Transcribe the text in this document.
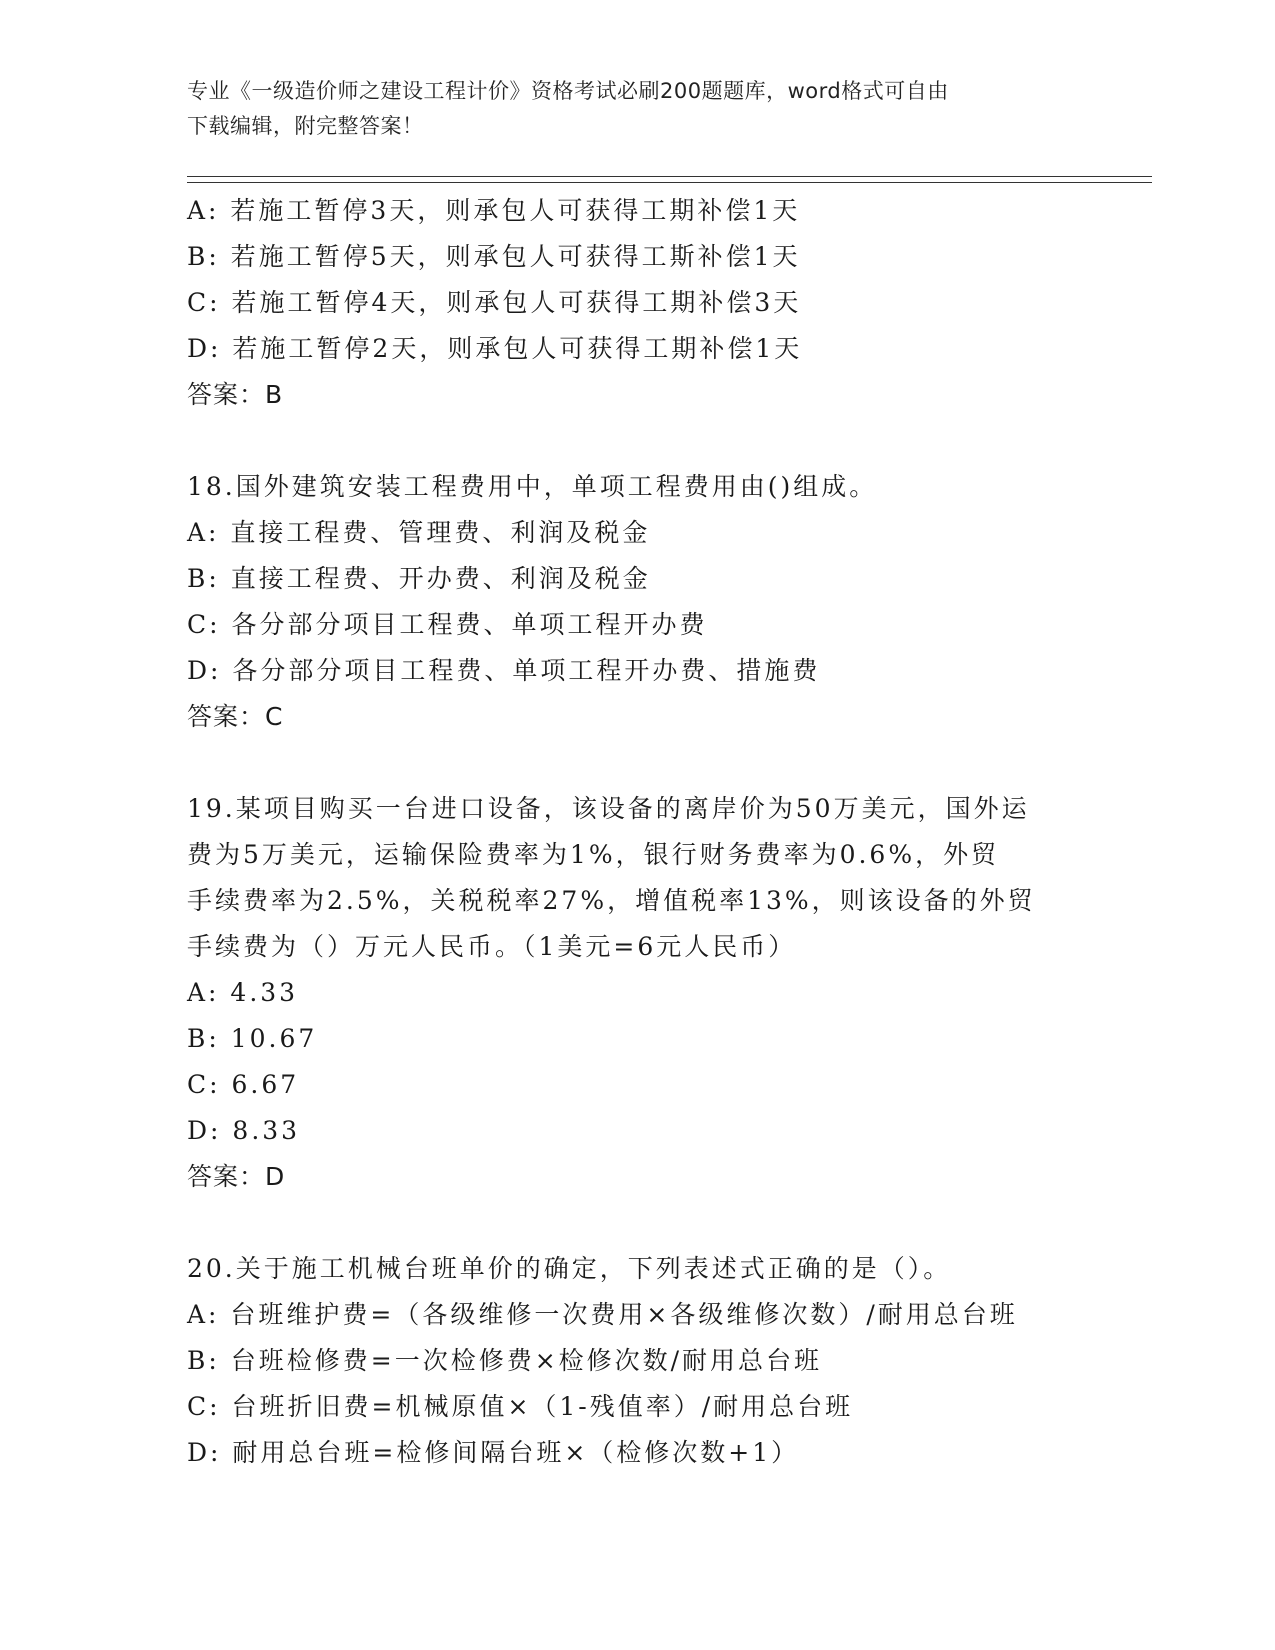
专业《一级造价师之建设工程计价》资格考试必刷200题题库，word格式可自由
下载编辑，附完整答案！
A: 若施工暂停3天，则承包人可获得工期补偿1天
B: 若施工暂停5天，则承包人可获得工斯补偿1天
C: 若施工暂停4天，则承包人可获得工期补偿3天
D: 若施工暂停2天，则承包人可获得工期补偿1天
答案：B
18.国外建筑安装工程费用中，单项工程费用由()组成。
A: 直接工程费、管理费、利润及税金
B: 直接工程费、开办费、利润及税金
C: 各分部分项目工程费、单项工程开办费
D: 各分部分项目工程费、单项工程开办费、措施费
答案：C
19.某项目购买一台进口设备，该设备的离岸价为50万美元，国外运
费为5万美元，运输保险费率为1%，银行财务费率为0.6%，外贸
手续费率为2.5%，关税税率27%，增值税率13%，则该设备的外贸
手续费为（）万元人民币。（1美元=6元人民币）
A: 4.33
B: 10.67
C: 6.67
D: 8.33
答案：D
20.关于施工机械台班单价的确定，下列表述式正确的是（）。
A: 台班维护费=（各级维修一次费用×各级维修次数）/耐用总台班
B: 台班检修费=一次检修费×检修次数/耐用总台班
C: 台班折旧费=机械原值×（1-残值率）/耐用总台班
D: 耐用总台班=检修间隔台班×（检修次数+1）
